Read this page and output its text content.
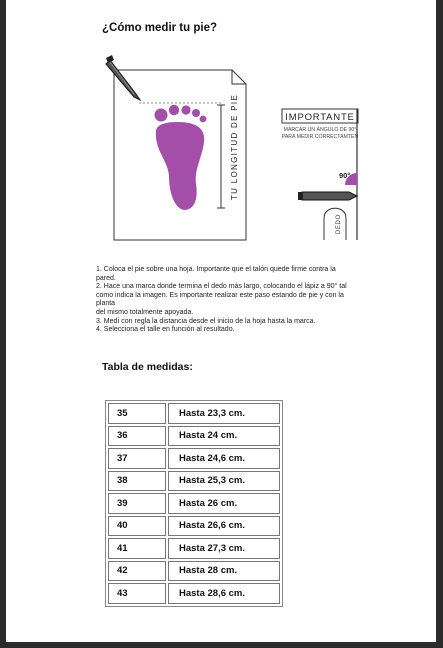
¿Cómo medir tu pie?
TU LONGITUD DE PIE	IMPORTANTE
MARCAR UN ÁNGULO DE 90°
PARA MEDIR CORRECTAMTEN
90°
DEDO
1. Coloca el pie sobre una hoja. Importante que el talón quede firme contra la
pared.
2. Hace una marca donde termina el dedo más largo, colocando el lápiz a 90° tal
como indica la imagen. Es importante realizar este paso estando de pie y con la
planta
del mismo totalmente apoyada.
3. Medí con regla la distancia desde el inicio de la hoja hasta la marca.
4. Selecciona el talle en función al resultado.
Tabla de medidas:
35	Hasta 23,3 cm.
36	Hasta 24 cm.
37	Hasta 24,6 cm.
38	Hasta 25,3 cm.
39	Hasta 26 cm.
40	Hasta 26,6 cm.
41	Hasta 27,3 cm.
42	Hasta 28 cm.
43	Hasta 28,6 cm.
